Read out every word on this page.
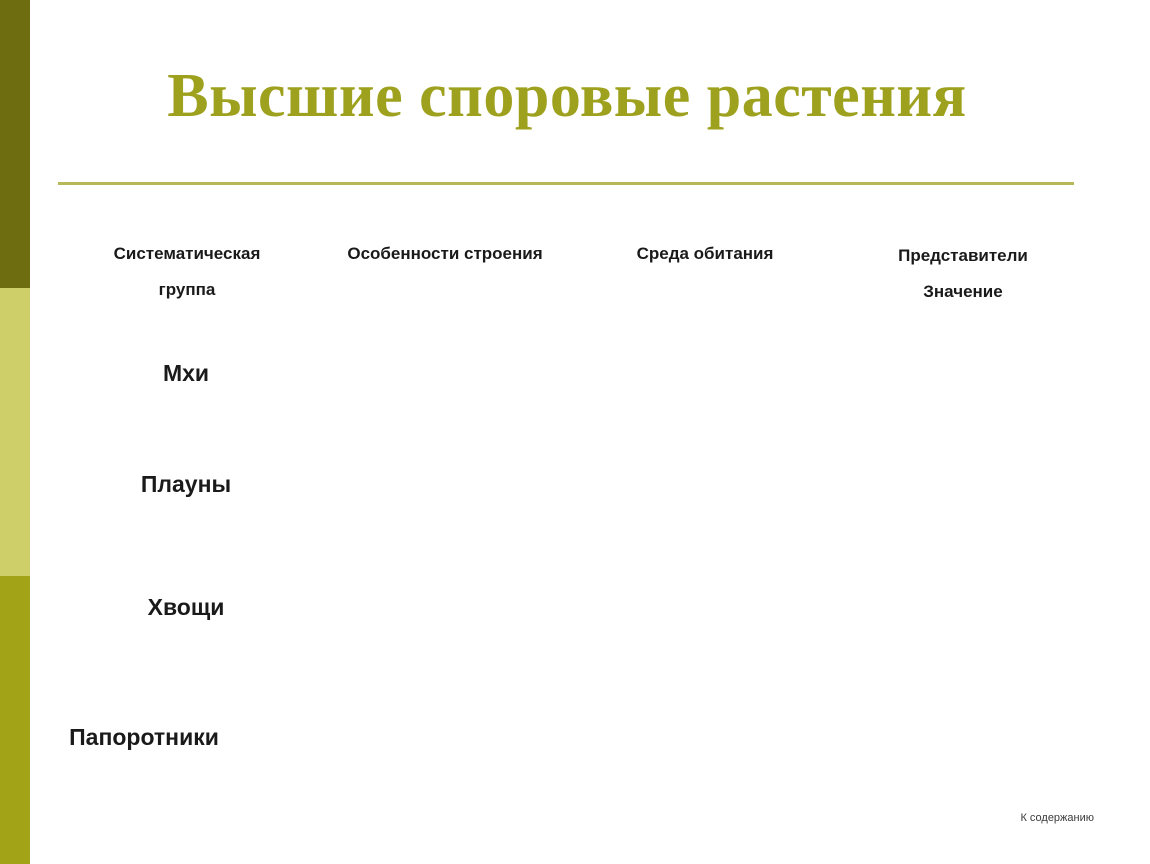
Высшие споровые растения
Систематическая
группа
Особенности строения	Среда обитания	Представители
Значение
Мхи
Плауны
Хвощи
Папоротники
К содержанию
